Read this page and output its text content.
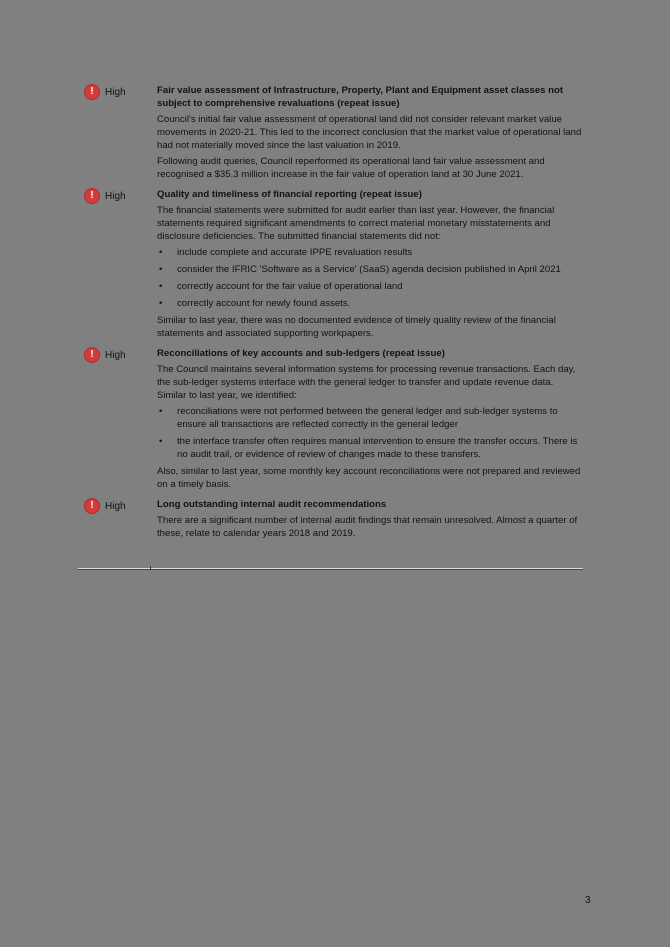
!	High	Fair value assessment of Infrastructure, Property, Plant and Equipment asset classes not subject to comprehensive revaluations (repeat issue)

Council's initial fair value assessment of operational land did not consider relevant market value movements in 2020-21. This led to the incorrect conclusion that the market value of operational land had not materially moved since the last valuation in 2019.

Following audit queries, Council reperformed its operational land fair value assessment and recognised a $35.3 million increase in the fair value of operation land at 30 June 2021.

!	High	Quality and timeliness of financial reporting (repeat issue)

The financial statements were submitted for audit earlier than last year. However, the financial statements required significant amendments to correct material monetary misstatements and disclosure deficiencies. The submitted financial statements did not:

• include complete and accurate IPPE revaluation results
• consider the IFRIC 'Software as a Service' (SaaS) agenda decision published in April 2021
• correctly account for the fair value of operational land
• correctly account for newly found assets.

Similar to last year, there was no documented evidence of timely quality review of the financial statements and associated supporting workpapers.

!	High	Reconciliations of key accounts and sub-ledgers (repeat issue)

The Council maintains several information systems for processing revenue transactions. Each day, the sub-ledger systems interface with the general ledger to transfer and update revenue data. Similar to last year, we identified:

• reconciliations were not performed between the general ledger and sub-ledger systems to ensure all transactions are reflected correctly in the general ledger
• the interface transfer often requires manual intervention to ensure the transfer occurs. There is no audit trail, or evidence of review of changes made to these transfers.

Also, similar to last year, some monthly key account reconciliations were not prepared and reviewed on a timely basis.

!	High	Long outstanding internal audit recommendations

There are a significant number of internal audit findings that remain unresolved. Almost a quarter of these, relate to calendar years 2018 and 2019.

3
